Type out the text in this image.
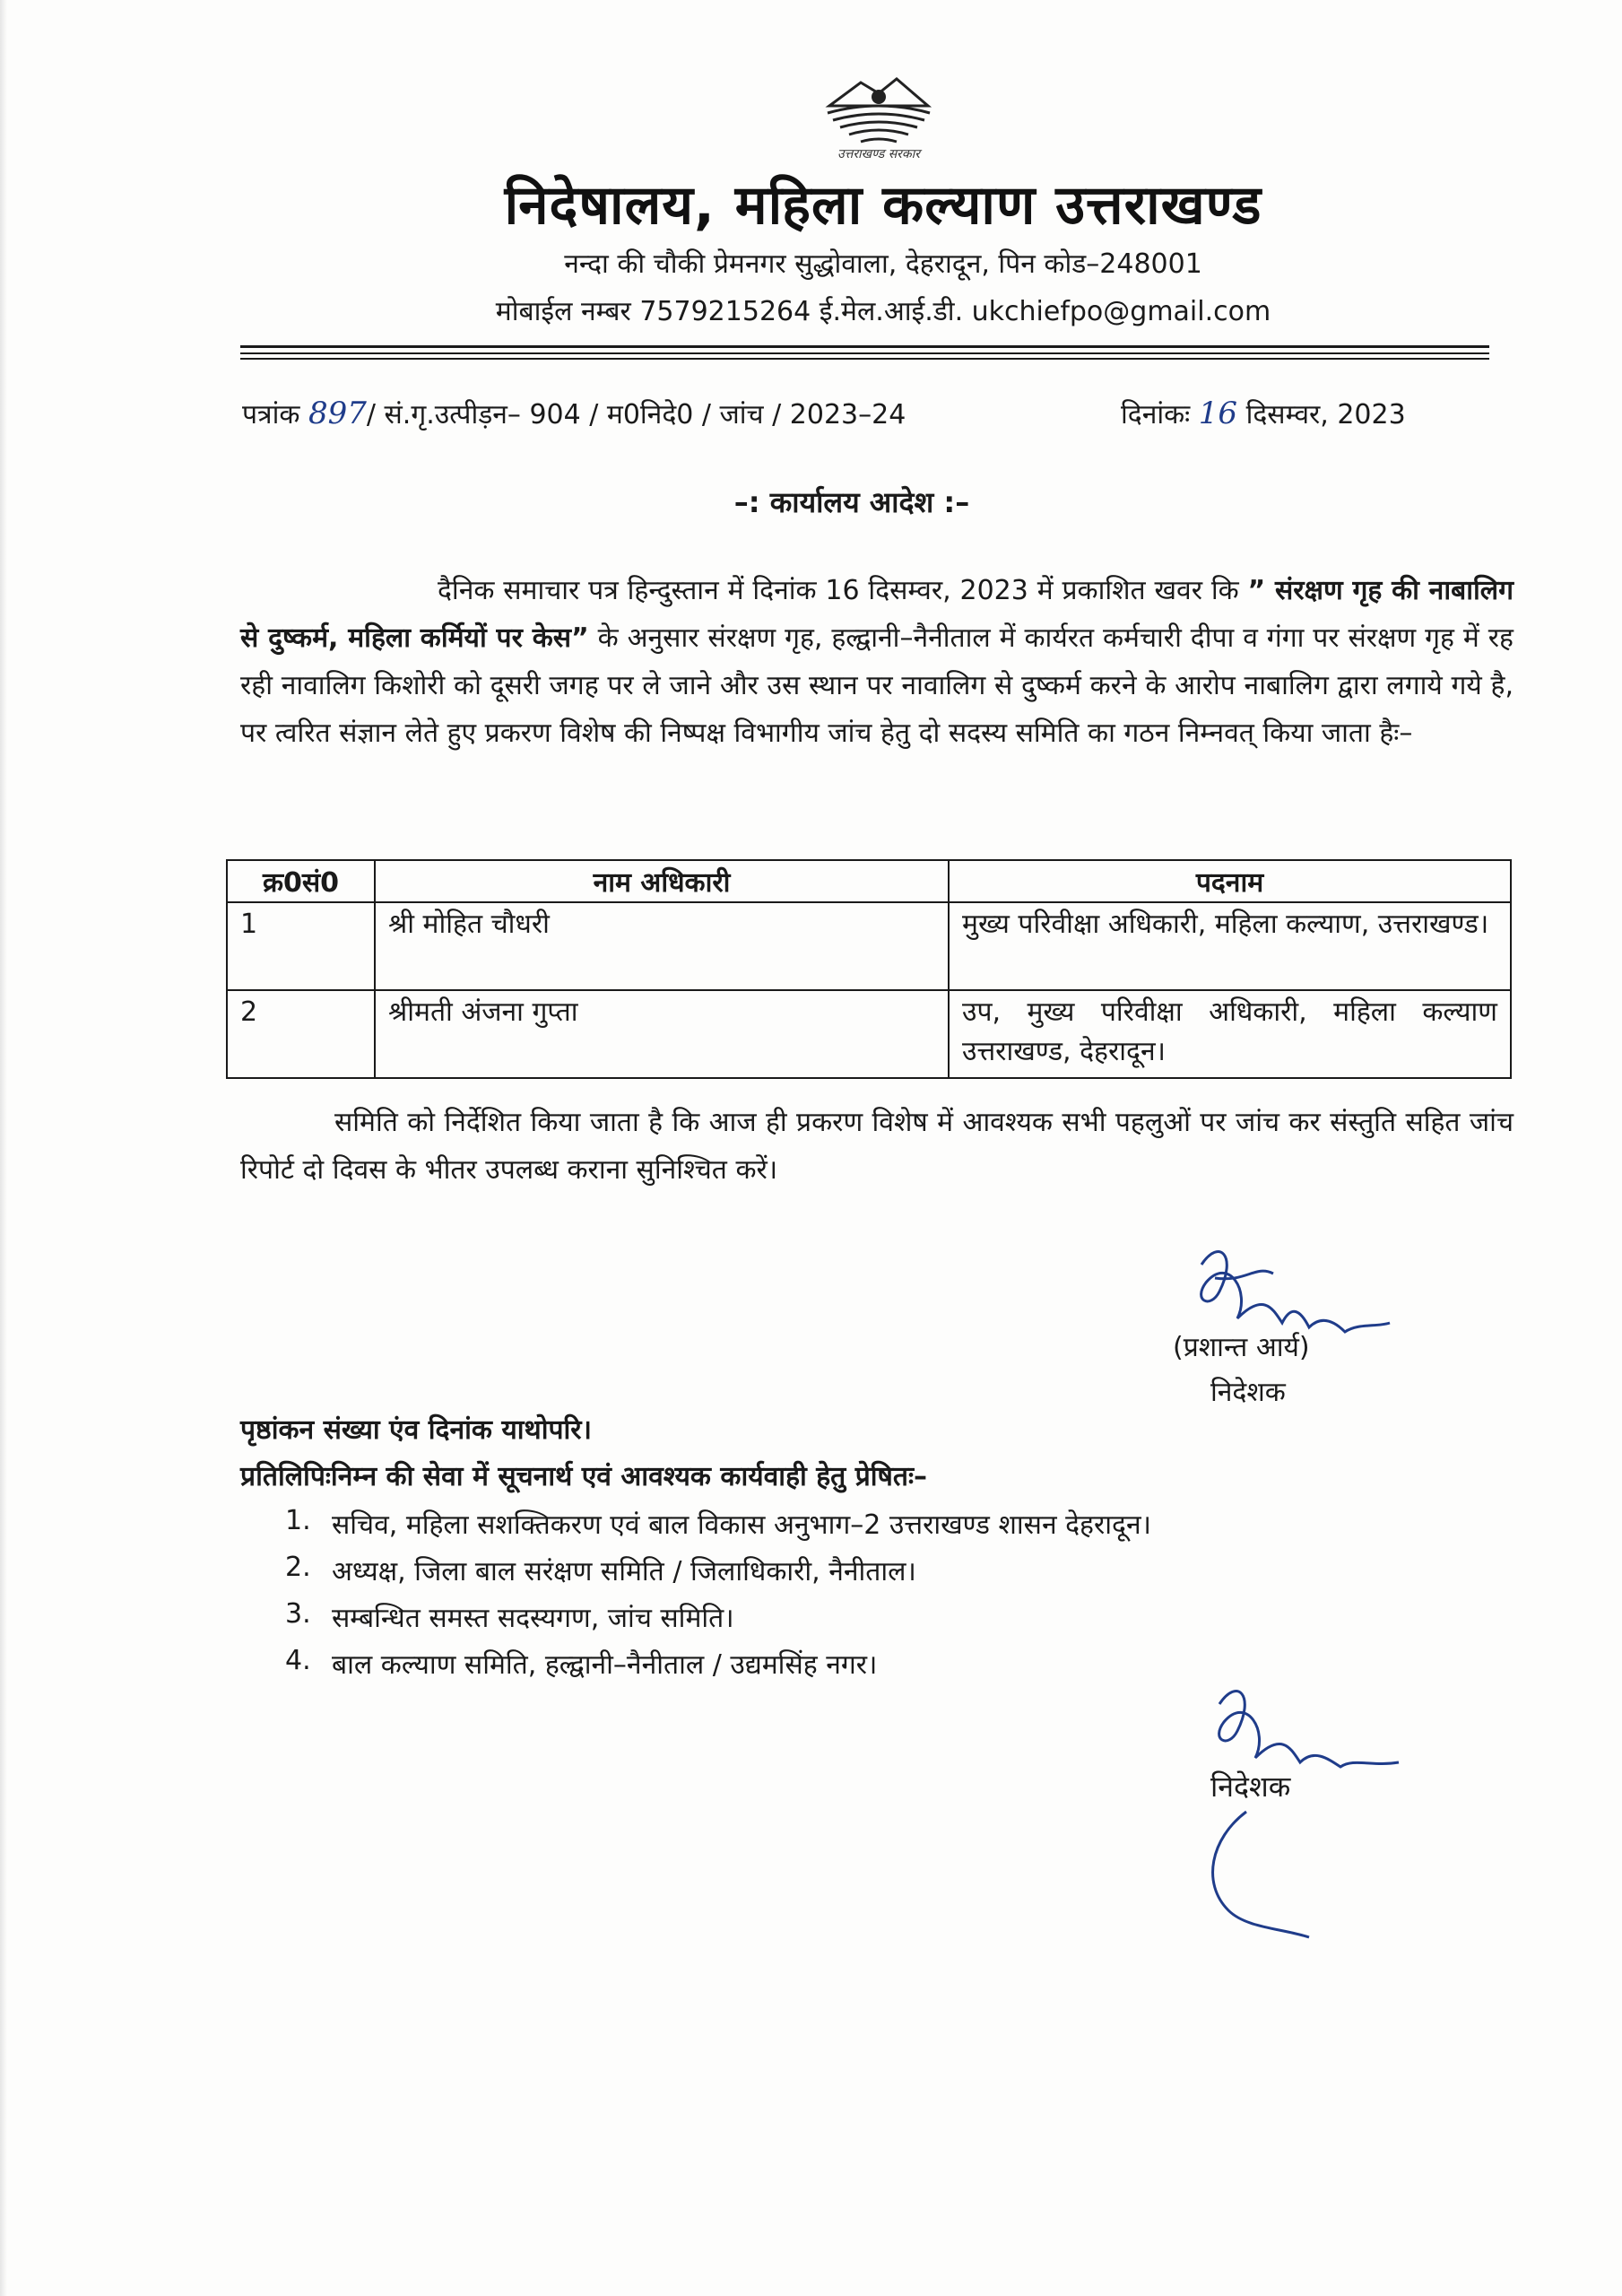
उत्तराखण्ड सरकार
निदेषालय, महिला कल्याण उत्तराखण्ड
नन्दा की चौकी प्रेमनगर सुद्धोवाला, देहरादून, पिन कोड–248001
मोबाईल नम्बर 7579215264 ई.मेल.आई.डी. ukchiefpo@gmail.com
पत्रांक 897/ सं.गृ.उत्पीड़न– 904 / म0निदे0 / जांच / 2023–24	दिनांकः 16 दिसम्वर, 2023
–: कार्यालय आदेश :–
दैनिक समाचार पत्र हिन्दुस्तान में दिनांक 16 दिसम्वर, 2023 में प्रकाशित खवर कि ” संरक्षण गृह की नाबालिग से दुष्कर्म, महिला कर्मियों पर केस” के अनुसार संरक्षण गृह, हल्द्वानी–नैनीताल में कार्यरत कर्मचारी दीपा व गंगा पर संरक्षण गृह में रह रही नावालिग किशोरी को दूसरी जगह पर ले जाने और उस स्थान पर नावालिग से दुष्कर्म करने के आरोप नाबालिग द्वारा लगाये गये है, पर त्वरित संज्ञान लेते हुए प्रकरण विशेष की निष्पक्ष विभागीय जांच हेतु दो सदस्य समिति का गठन निम्नवत् किया जाता हैः–
क्र0सं0	नाम अधिकारी	पदनाम
1	श्री मोहित चौधरी	मुख्य परिवीक्षा अधिकारी, महिला कल्याण, उत्तराखण्ड।
2	श्रीमती अंजना गुप्ता	उप, मुख्य परिवीक्षा अधिकारी, महिला कल्याण उत्तराखण्ड, देहरादून।
समिति को निर्देशित किया जाता है कि आज ही प्रकरण विशेष में आवश्यक सभी पहलुओं पर जांच कर संस्तुति सहित जांच रिपोर्ट दो दिवस के भीतर उपलब्ध कराना सुनिश्चित करें।
(प्रशान्त आर्य)
निदेशक
पृष्ठांकन संख्या एंव दिनांक याथोपरि।
प्रतिलिपिःनिम्न की सेवा में सूचनार्थ एवं आवश्यक कार्यवाही हेतु प्रेषितः–
1. सचिव, महिला सशक्तिकरण एवं बाल विकास अनुभाग–2 उत्तराखण्ड शासन देहरादून।
2. अध्यक्ष, जिला बाल सरंक्षण समिति / जिलाधिकारी, नैनीताल।
3. सम्बन्धित समस्त सदस्यगण, जांच समिति।
4. बाल कल्याण समिति, हल्द्वानी–नैनीताल / उद्यमसिंह नगर।
निदेशक
